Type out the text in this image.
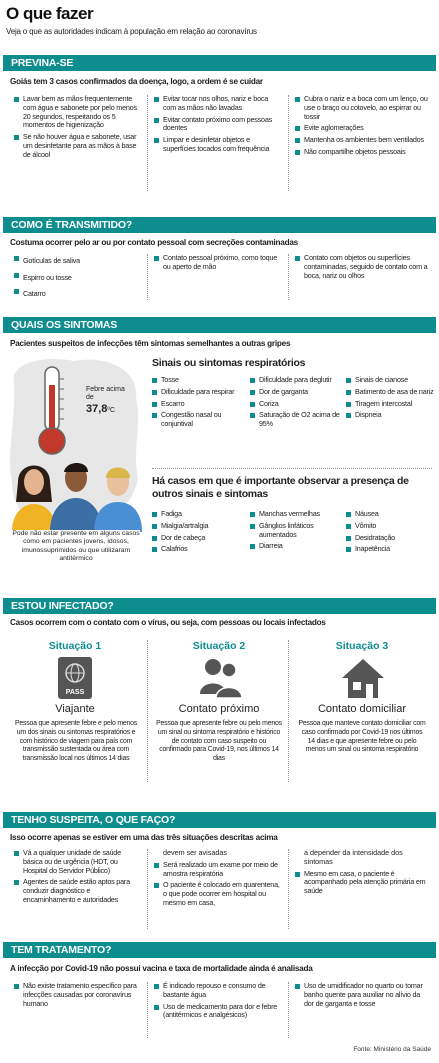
O que fazer
Veja o que as autoridades indicam à população em relação ao coronavírus
PREVINA-SE
Goiás tem 3 casos confirmados da doença, logo, a ordem é se cuidar
Lavar bem as mãos frequentemente com água e sabonete por pelo menos 20 segundos, respeitando os 5 momentos de higienização
Se não houver água e sabonete, usar um desinfetante para as mãos à base de álcool
Evitar tocar nos olhos, nariz e boca com as mãos não lavadas
Evitar contato próximo com pessoas doentes
Limpar e desinfetar objetos e superfícies tocados com frequência
Cubra o nariz e a boca com um lenço, ou use o braço ou cotovelo, ao espirrar ou tossir
Evite aglomerações
Mantenha os ambientes bem ventilados
Não compartilhe objetos pessoais
COMO É TRANSMITIDO?
Costuma ocorrer pelo ar ou por contato pessoal com secreções contaminadas
Gotículas de saliva
Espirro ou tosse
Catarro
Contato pessoal próximo, como toque ou aperto de mão
Contato com objetos ou superfícies contaminadas, seguido de contato com a boca, nariz ou olhos
QUAIS OS SINTOMAS
Pacientes suspeitos de infecções têm sintomas semelhantes a outras gripes
Febre acima de
37,8ºC
Pode não estar presente em alguns casos como em pacientes jovens, idosos, imunossuprimidos ou que utilizaram antitérmico
Sinais ou sintomas respiratórios
Tosse
Dificuldade para respirar
Escarro
Congestão nasal ou conjuntival
Dificuldade para deglutir
Dor de garganta
Coriza
Saturação de O2 acima de 95%
Sinais de cianose
Batimento de asa de nariz
Tiragem intercostal
Dispneia
Há casos em que é importante observar a presença de outros sinais e sintomas
Fadiga
Mialgia/artralgia
Dor de cabeça
Calafrios
Manchas vermelhas
Gânglios linfáticos aumentados
Diarreia
Náusea
Vômito
Desidratação
Inapetência
ESTOU INFECTADO?
Casos ocorrem com o contato com o vírus, ou seja, com pessoas ou locais infectados
Situação 1
PASS
Viajante
Pessoa que apresente febre e pelo menos um dos sinais ou sintomas respiratórios e com histórico de viagem para país com transmissão sustentada ou área com transmissão local nos últimos 14 dias
Situação 2
Contato próximo
Pessoa que apresente febre ou pelo menos um sinal ou sintoma respiratório e histórico de contato com caso suspeito ou confirmado para Covid-19, nos últimos 14 dias
Situação 3
Contato domiciliar
Pessoa que manteve contato domiciliar com caso confirmado por Covid-19 nos últimos 14 dias e que apresente febre ou pelo menos um sinal ou sintoma respiratório
TENHO SUSPEITA, O QUE FAÇO?
Isso ocorre apenas se estiver em uma das três situações descritas acima
Vá a qualquer unidade de saúde básica ou de urgência (HDT, ou Hospital do Servidor Público)
Agentes de saúde estão aptos para conduzir diagnóstico e encaminhamento e autoridades
devem ser avisadas
Será realizado um exame por meio de amostra respiratória
O paciente é colocado em quarentena, o que pode ocorrer em hospital ou mesmo em casa,
a depender da intensidade dos sintomas
Mesmo em casa, o paciente é acompanhado pela atenção primária em saúde
TEM TRATAMENTO?
A infecção por Covid-19 não possui vacina e taxa de mortalidade ainda é analisada
Não existe tratamento específico para infecções causadas por coronavírus humano
É indicado repouso e consumo de bastante água
Uso de medicamento para dor e febre (antitérmicos e analgésicos)
Uso de umidificador no quarto ou tomar banho quente para auxiliar no alívio da dor de garganta e tosse
Fonte: Ministério da Saúde
